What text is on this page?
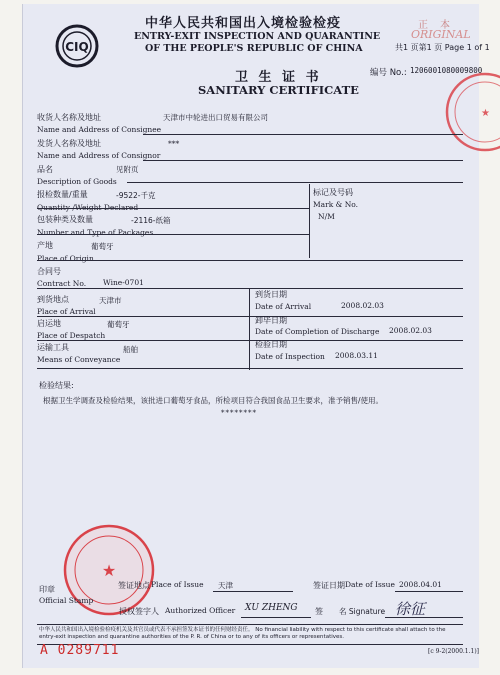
CIQ
中华人民共和国出入境检验检疫
ENTRY-EXIT INSPECTION AND QUARANTINE
OF THE PEOPLE'S REPUBLIC OF CHINA
正　本
ORIGINAL
共1 页第1 页 Page 1 of 1
卫 生 证 书
SANITARY CERTIFICATE
编号 No.: 1206001080009800
★
收货人名称及地址	天津市中轮进出口贸易有限公司
Name and Address of Consignee
发货人名称及地址	***
Name and Address of Consignor
品名	见附页
Description of Goods
报检数量/重量	-9522-千克
Quantity /Weight Declared
标记及号码
Mark & No.
N/M
包装种类及数量	-2116-纸箱
Number and Type of Packages
产地	葡萄牙
Place of Origin
合同号
Contract No. Wine-0701
到货地点	天津市
Place of Arrival
到货日期
Date of Arrival	2008.02.03
启运地	葡萄牙
Place of Despatch
卸毕日期
Date of Completion of Discharge 2008.02.03
运输工具	船舶
Means of Conveyance
检验日期
Date of Inspection 2008.03.11
检验结果:
根据卫生学调查及检验结果，该批进口葡萄牙食品，所检项目符合我国食品卫生要求，准予销售/使用。
********
★
印章
Official Stamp
签证地点 Place of Issue 天津	签证日期 Date of Issue 2008.04.01
授权签字人 Authorized Officer XU ZHENG 签 名 Signature 徐征
中华人民共和国出入境检验检疫机关及其官员或代表不承担签发本证书的任何财经责任。 No financial liability with respect to this certificate shall attach to the entry-exit inspection and quarantine authorities of the P. R. of China or to any of its officers or representatives.
A 0289711	[c 9-2(2000.1.1)]
